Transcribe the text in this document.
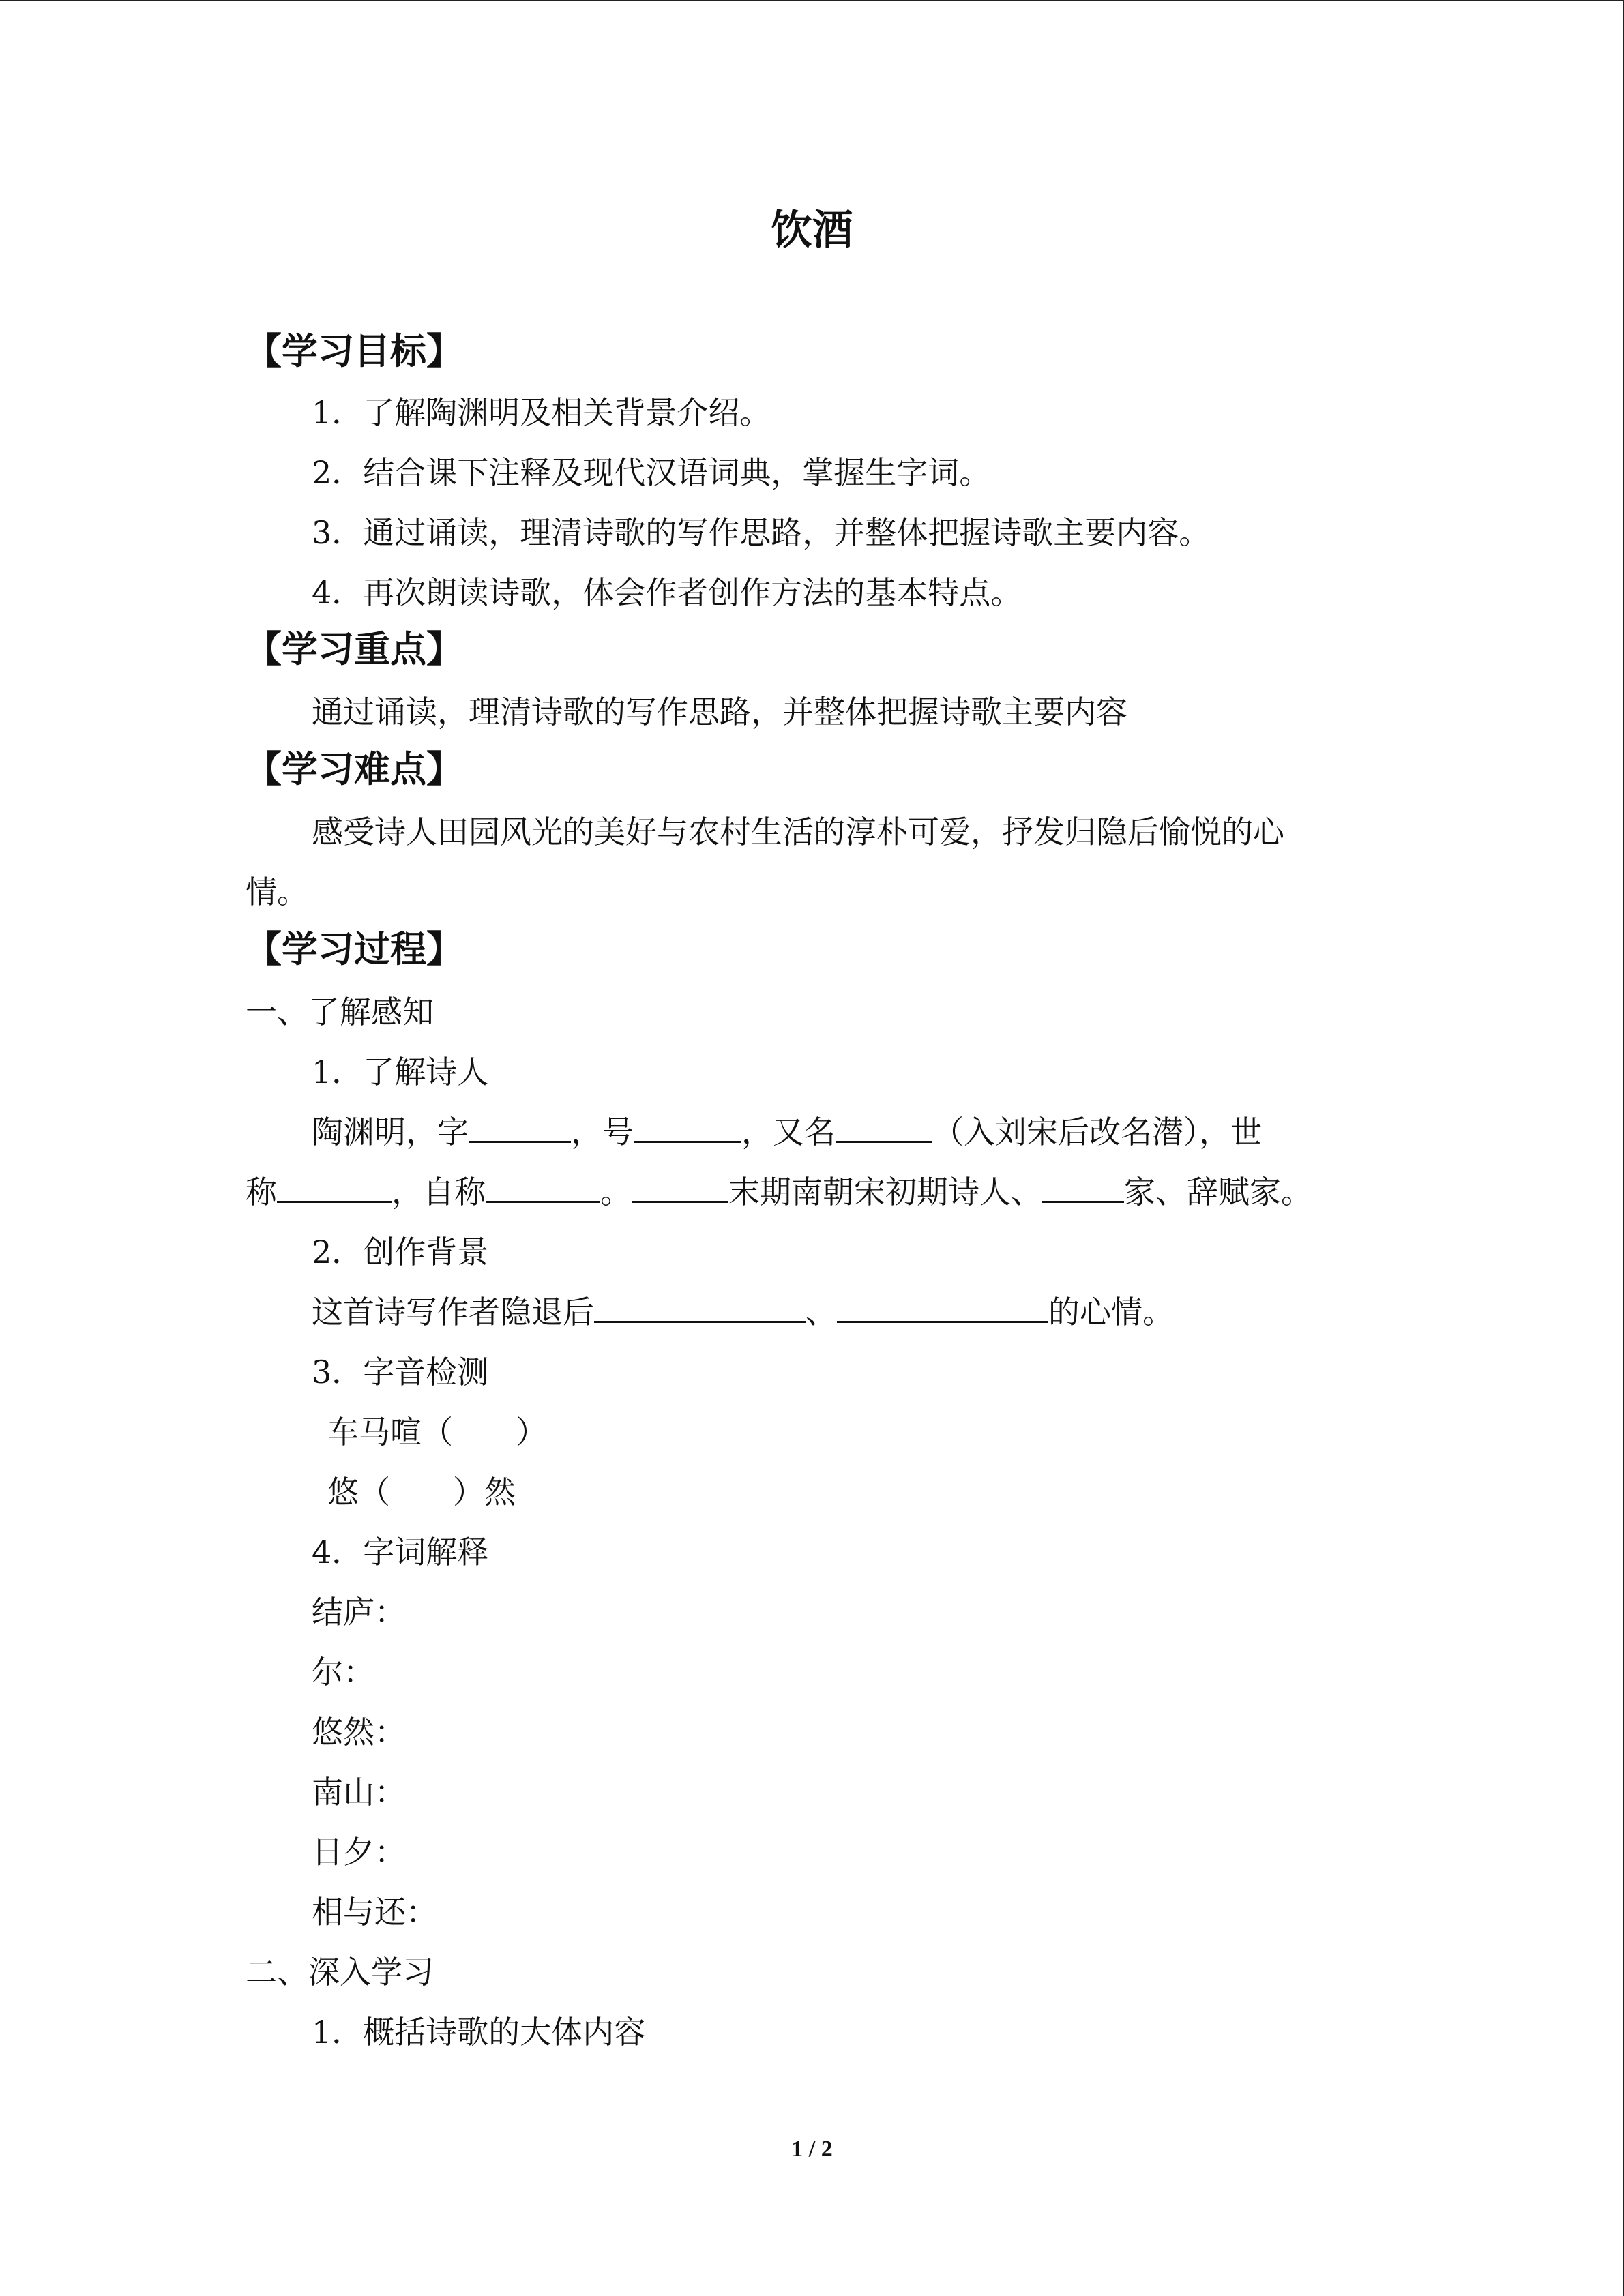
饮酒
【学习目标】
1．了解陶渊明及相关背景介绍。
2．结合课下注释及现代汉语词典，掌握生字词。
3．通过诵读，理清诗歌的写作思路，并整体把握诗歌主要内容。
4．再次朗读诗歌，体会作者创作方法的基本特点。
【学习重点】
通过诵读，理清诗歌的写作思路，并整体把握诗歌主要内容
【学习难点】
感受诗人田园风光的美好与农村生活的淳朴可爱，抒发归隐后愉悦的心
情。
【学习过程】
一、了解感知
1．了解诗人
陶渊明，字	，号	，又名	（入刘宋后改名潜），世
称	，自称	。	末期南朝宋初期诗人、	家、辞赋家。
2．创作背景
这首诗写作者隐退后	、	的心情。
3．字音检测
车马喧（　　）
悠（　　）然
4．字词解释
结庐：
尔：
悠然：
南山：
日夕：
相与还：
二、深入学习
1．概括诗歌的大体内容
1 / 2
